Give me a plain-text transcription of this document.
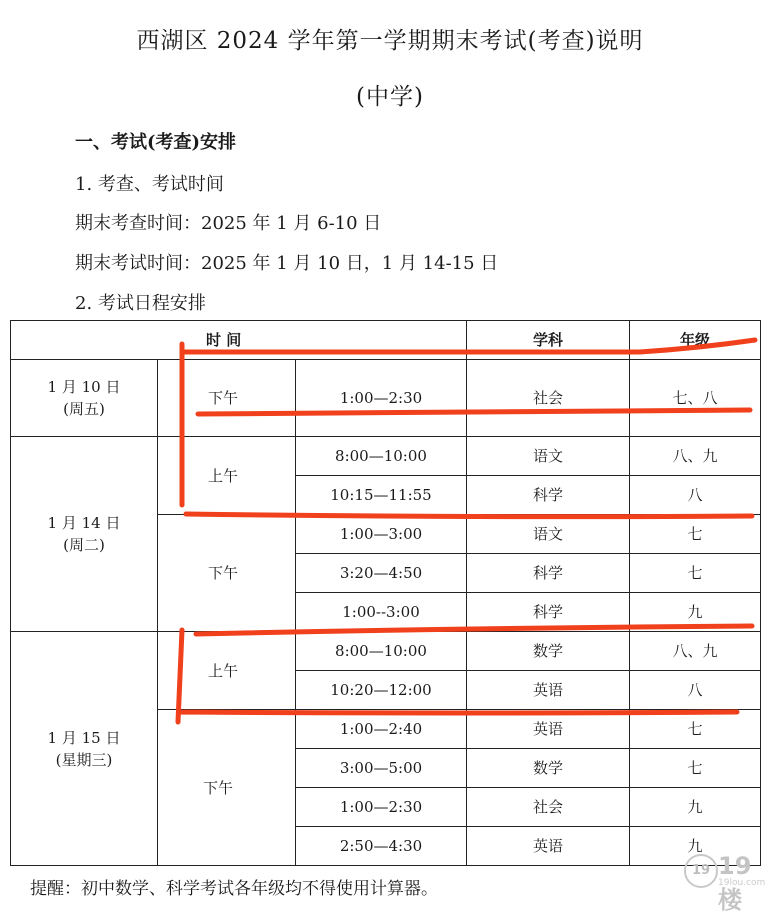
西湖区 2024 学年第一学期期末考试(考查)说明
(中学)
一、考试(考查)安排
1. 考查、考试时间
期末考查时间：2025 年 1 月 6-10 日
期末考试时间：2025 年 1 月 10 日，1 月 14-15 日
2. 考试日程安排
时 间			学科	年级

1 月 10 日
(周五)	下午	1:00—2:30	社会	七、八

1 月 14 日
(周二)	上午	8:00—10:00	语文	八、九
		10:15—11:55	科学	八
	下午	1:00—3:00	语文	七
		3:20—4:50	科学	七
		1:00--3:00	科学	九

1 月 15 日
(星期三)	上午	8:00—10:00	数学	八、九
		10:20—12:00	英语	八
	下午	1:00—2:40	英语	七
		3:00—5:00	数学	七
		1:00—2:30	社会	九
		2:50—4:30	英语	九
提醒：初中数学、科学考试各年级均不得使用计算器。
19 19楼
19lou.com
